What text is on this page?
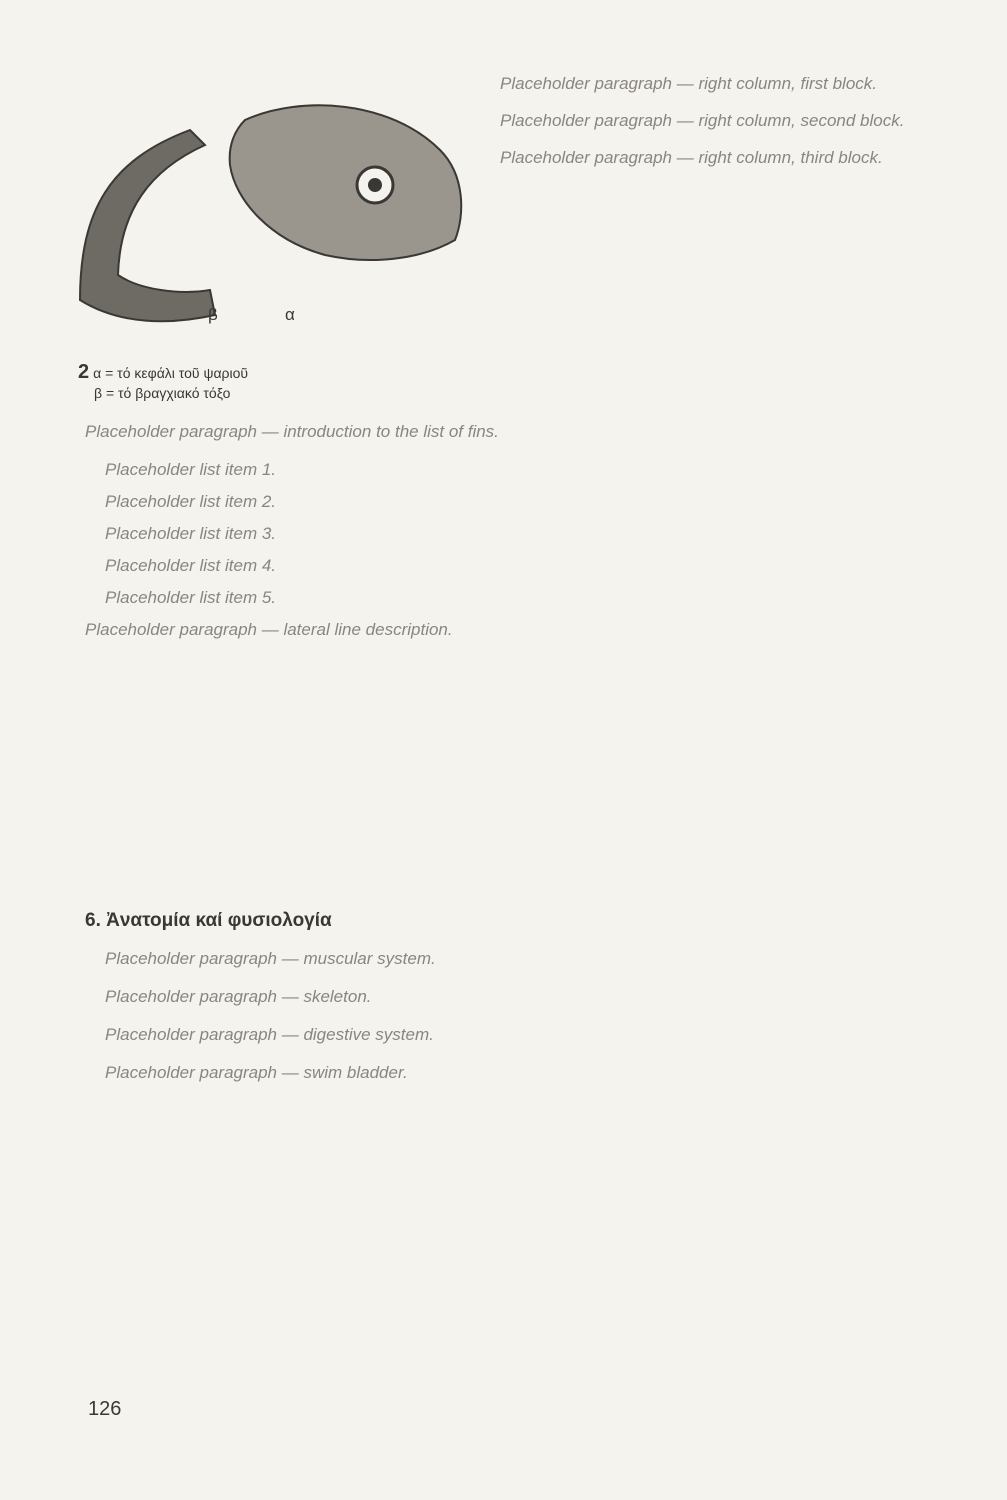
β	α
2 α = τό κεφάλι τοῦ ψαριοῦ
β = τό βραγχιακό τόξο

Placeholder paragraph — right column, first block.

Placeholder paragraph — right column, second block.

Placeholder paragraph — right column, third block.

Placeholder paragraph — introduction to the list of fins.

Placeholder list item 1.

Placeholder list item 2.

Placeholder list item 3.

Placeholder list item 4.

Placeholder list item 5.

Placeholder paragraph — lateral line description.

6. Ἀνατομία καί φυσιολογία

Placeholder paragraph — muscular system.

Placeholder paragraph — skeleton.

Placeholder paragraph — digestive system.

Placeholder paragraph — swim bladder.

126
